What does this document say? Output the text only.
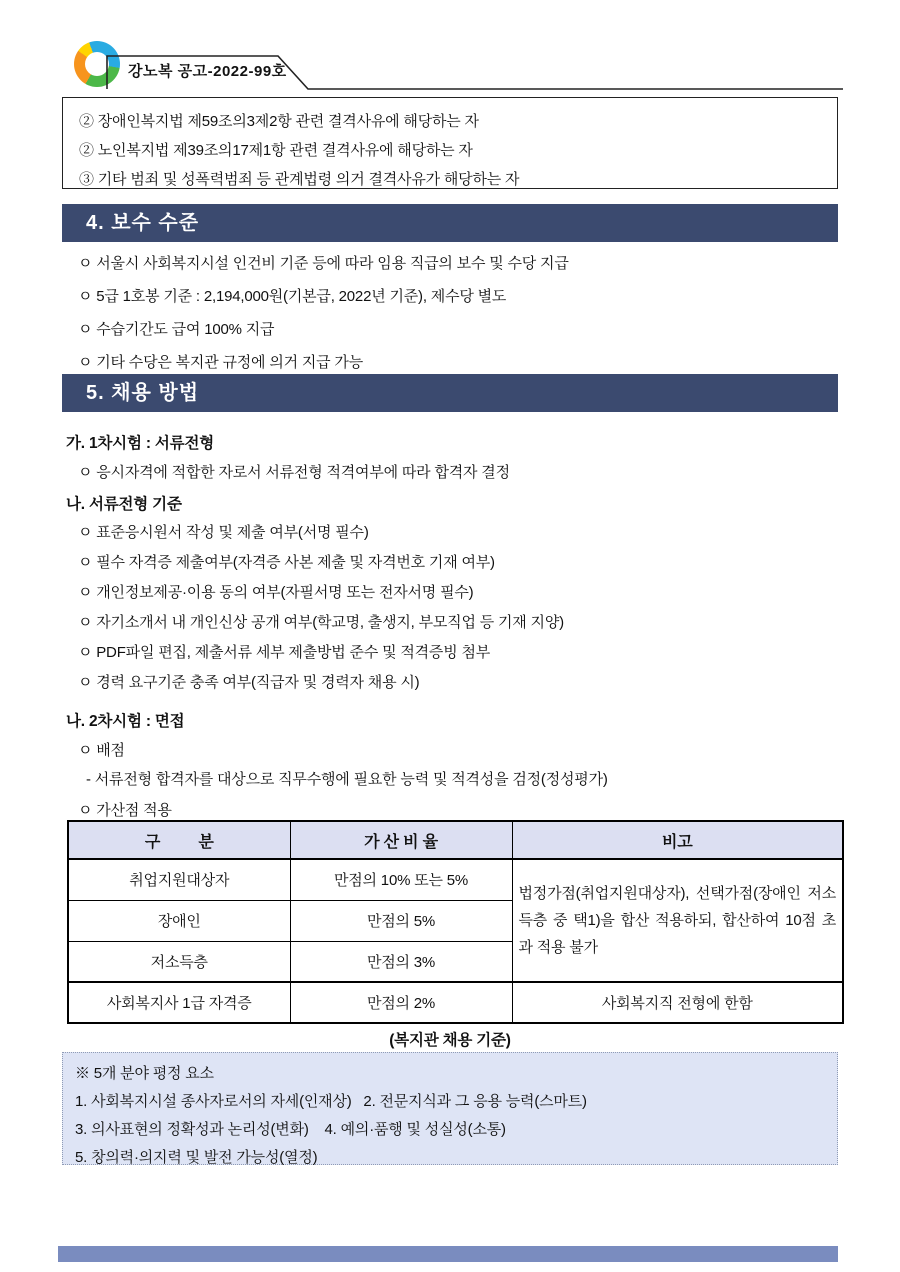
강노복 공고-2022-99호
② 장애인복지법 제59조의3제2항 관련 결격사유에 해당하는 자
② 노인복지법 제39조의17제1항 관련 결격사유에 해당하는 자
③ 기타 범죄 및 성폭력범죄 등 관계법령 의거 결격사유가 해당하는 자
4. 보수 수준
ㅇ 서울시 사회복지시설 인건비 기준 등에 따라 임용 직급의 보수 및 수당 지급
ㅇ 5급 1호봉 기준 : 2,194,000원(기본급, 2022년 기준), 제수당 별도
ㅇ 수습기간도 급여 100% 지급
ㅇ 기타 수당은 복지관 규정에 의거 지급 가능
5. 채용 방법
가. 1차시험 : 서류전형
ㅇ 응시자격에 적합한 자로서 서류전형 적격여부에 따라 합격자 결정
나. 서류전형 기준
ㅇ 표준응시원서 작성 및 제출 여부(서명 필수)
ㅇ 필수 자격증 제출여부(자격증 사본 제출 및 자격번호 기재 여부)
ㅇ 개인정보제공·이용 동의 여부(자필서명 또는 전자서명 필수)
ㅇ 자기소개서 내 개인신상 공개 여부(학교명, 출생지, 부모직업 등 기재 지양)
ㅇ PDF파일 편집, 제출서류 세부 제출방법 준수 및 적격증빙 첨부
ㅇ 경력 요구기준 충족 여부(직급자 및 경력자 채용 시)
나. 2차시험 : 면접
ㅇ 배점
- 서류전형 합격자를 대상으로 직무수행에 필요한 능력 및 적격성을 검정(정성평가)
ㅇ 가산점 적용
구         분	가 산 비 율	비고
취업지원대상자	만점의 10% 또는 5%	법정가점(취업지원대상자), 선택가점(장애인 저소득층 중 택1)을 합산 적용하되, 합산하여 10점 초과 적용 불가
장애인	만점의 5%	
저소득층	만점의 3%	
사회복지사 1급 자격증	만점의 2%	사회복지직 전형에 한함
(복지관 채용 기준)
※ 5개 분야 평정 요소
1. 사회복지시설 종사자로서의 자세(인재상)   2. 전문지식과 그 응용 능력(스마트)
3. 의사표현의 정확성과 논리성(변화)    4. 예의·품행 및 성실성(소통)
5. 창의력·의지력 및 발전 가능성(열정)
